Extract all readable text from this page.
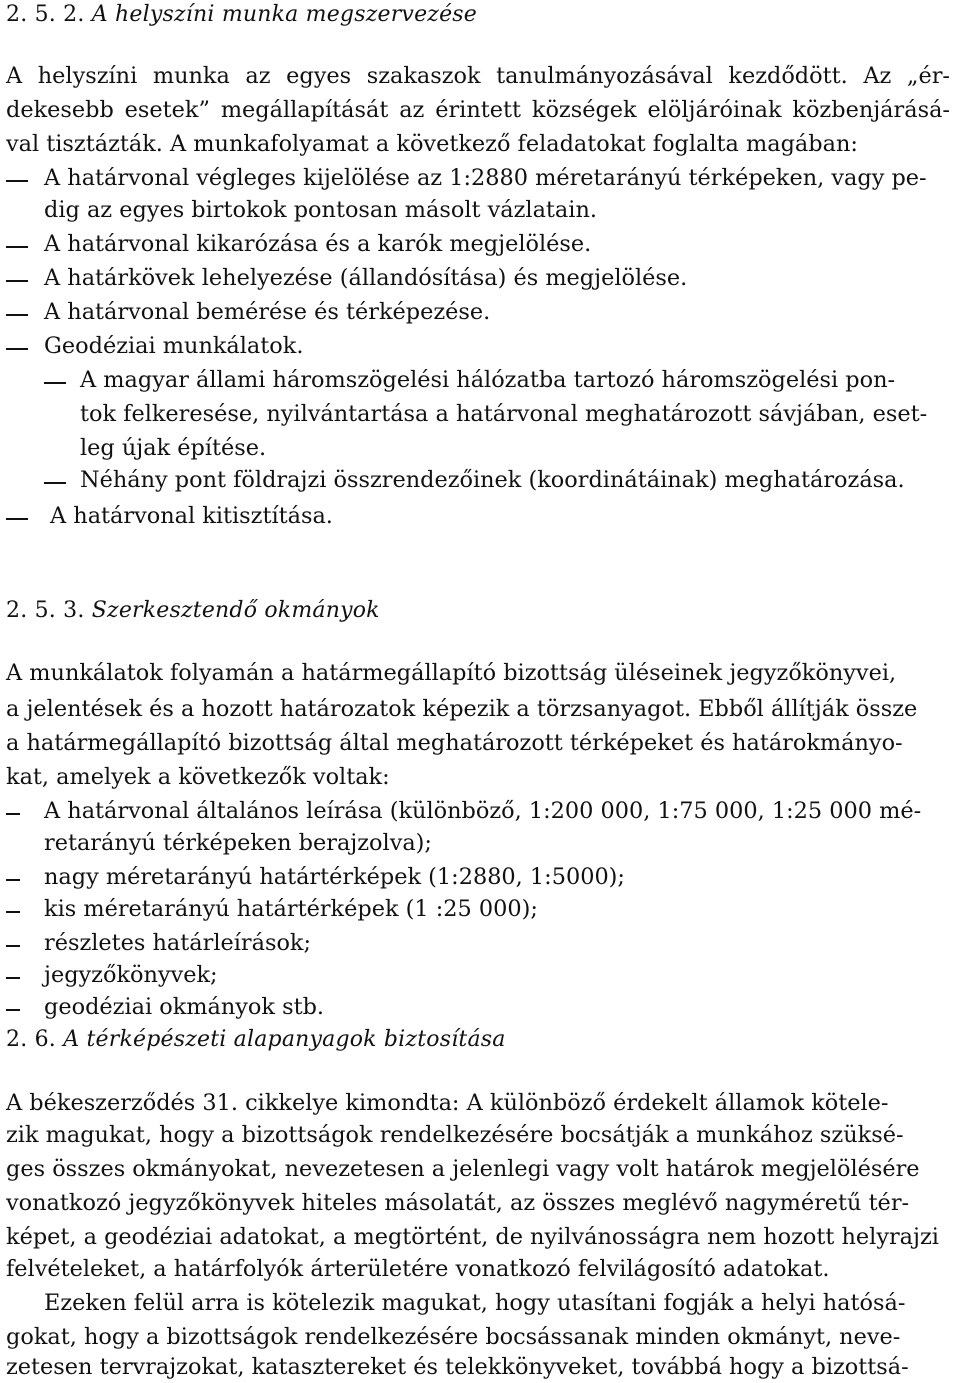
2. 5. 2. A helyszíni munka megszervezése
A helyszíni munka az egyes szakaszok tanulmányozásával kezdődött. Az „ér-
dekesebb esetek” megállapítását az érintett községek elöljáróinak közbenjárásá-
val tisztázták. A munkafolyamat a következő feladatokat foglalta magában:
A határvonal végleges kijelölése az 1:2880 méretarányú térképeken, vagy pe-
dig az egyes birtokok pontosan másolt vázlatain.
A határvonal kikarózása és a karók megjelölése.
A határkövek lehelyezése (állandósítása) és megjelölése.
A határvonal bemérése és térképezése.
Geodéziai munkálatok.
A magyar állami háromszögelési hálózatba tartozó háromszögelési pon-
tok felkeresése, nyilvántartása a határvonal meghatározott sávjában, eset-
leg újak építése.
Néhány pont földrajzi összrendezőinek (koordinátáinak) meghatározása.
A határvonal kitisztítása.
2. 5. 3. Szerkesztendő okmányok
A munkálatok folyamán a határmegállapító bizottság üléseinek jegyzőkönyvei,
a jelentések és a hozott határozatok képezik a törzsanyagot. Ebből állítják össze
a határmegállapító bizottság által meghatározott térképeket és határokmányo-
kat, amelyek a következők voltak:
A határvonal általános leírása (különböző, 1:200 000, 1:75 000, 1:25 000 mé-
retarányú térképeken berajzolva);
nagy méretarányú határtérképek (1:2880, 1:5000);
kis méretarányú határtérképek (1 :25 000);
részletes határleírások;
jegyzőkönyvek;
geodéziai okmányok stb.
2. 6. A térképészeti alapanyagok biztosítása
A békeszerződés 31. cikkelye kimondta: A különböző érdekelt államok kötele-
zik magukat, hogy a bizottságok rendelkezésére bocsátják a munkához szüksé-
ges összes okmányokat, nevezetesen a jelenlegi vagy volt határok megjelölésére
vonatkozó jegyzőkönyvek hiteles másolatát, az összes meglévő nagyméretű tér-
képet, a geodéziai adatokat, a megtörtént, de nyilvánosságra nem hozott helyrajzi
felvételeket, a határfolyók árterületére vonatkozó felvilágosító adatokat.
Ezeken felül arra is kötelezik magukat, hogy utasítani fogják a helyi hatósá-
gokat, hogy a bizottságok rendelkezésére bocsássanak minden okmányt, neve-
zetesen tervrajzokat, katasztereket és telekkönyveket, továbbá hogy a bizottsá-
